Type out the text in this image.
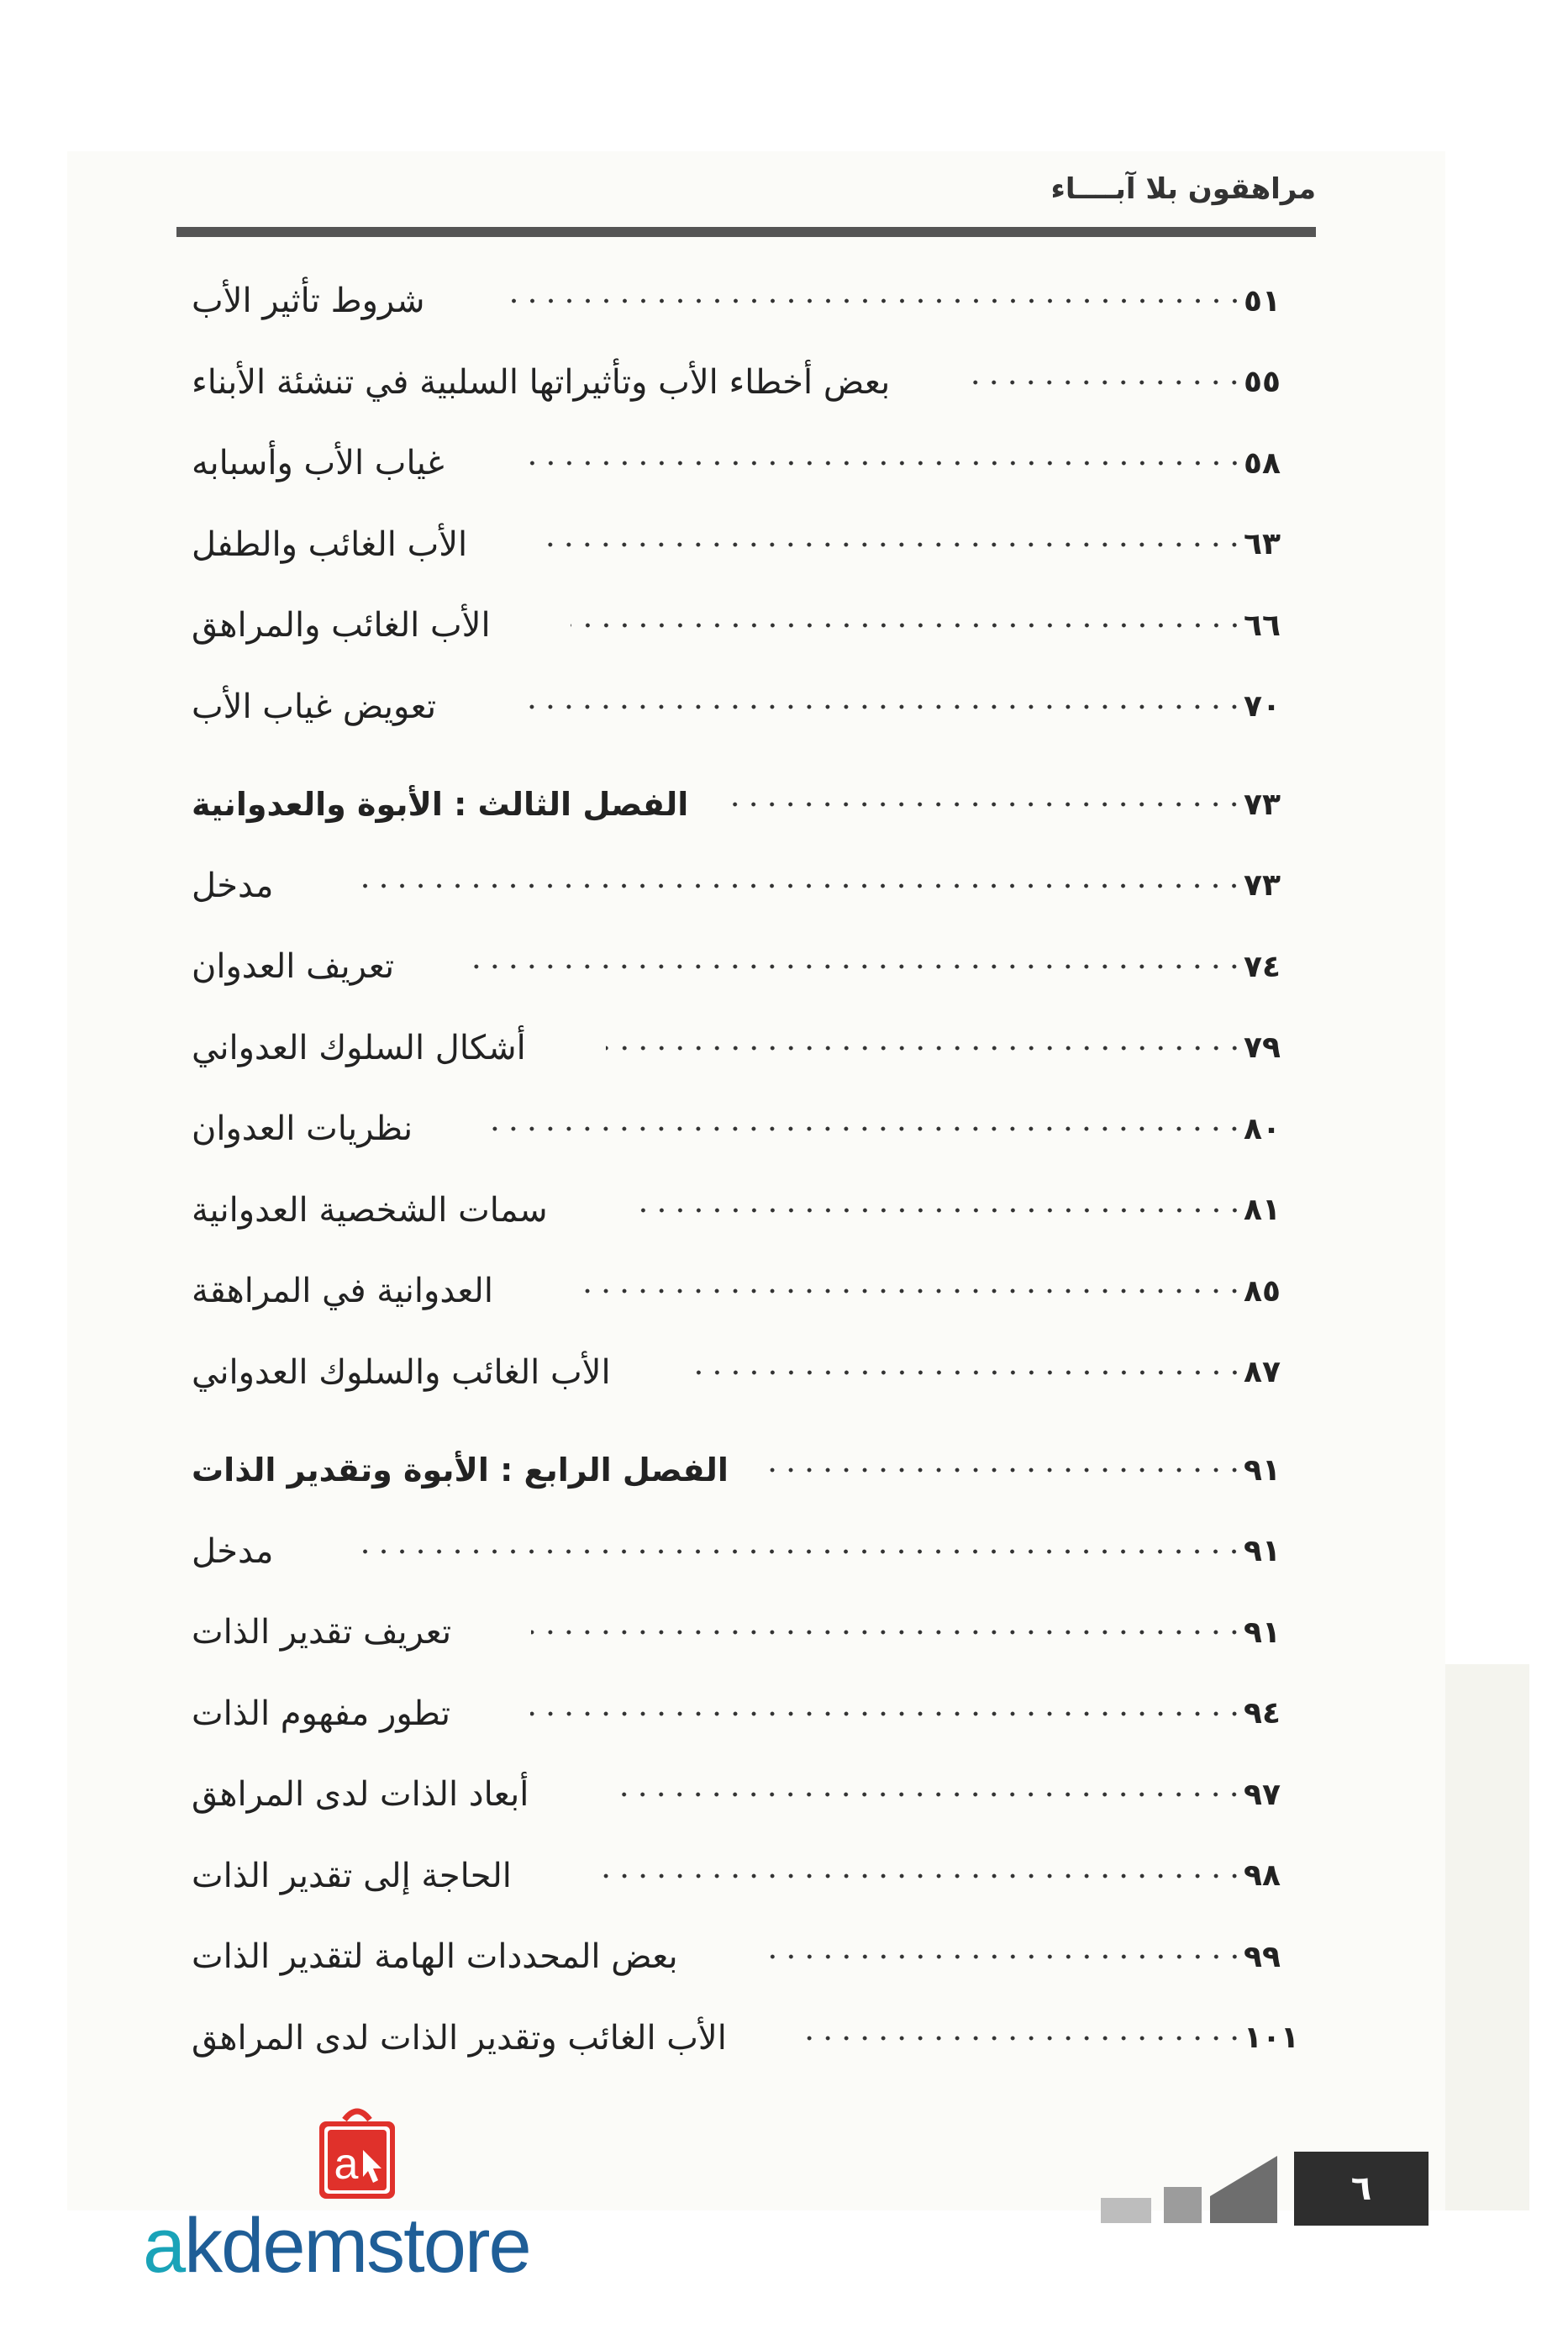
مراهقون بلا آبــــاء
شروط تأثير الأب	٥١
بعض أخطاء الأب وتأثيراتها السلبية في تنشئة الأبناء	٥٥
غياب الأب وأسبابه	٥٨
الأب الغائب والطفل	٦٣
الأب الغائب والمراهق	٦٦
تعويض غياب الأب	٧٠
الفصل الثالث : الأبوة والعدوانية	٧٣
مدخل	٧٣
تعريف العدوان	٧٤
أشكال السلوك العدواني	٧٩
نظريات العدوان	٨٠
سمات الشخصية العدوانية	٨١
العدوانية في المراهقة	٨٥
الأب الغائب والسلوك العدواني	٨٧
الفصل الرابع : الأبوة وتقدير الذات	٩١
مدخل	٩١
تعريف تقدير الذات	٩١
تطور مفهوم الذات	٩٤
أبعاد الذات لدى المراهق	٩٧
الحاجة إلى تقدير الذات	٩٨
بعض المحددات الهامة لتقدير الذات	٩٩
الأب الغائب وتقدير الذات لدى المراهق	١٠١
٦
a
akdemstore
